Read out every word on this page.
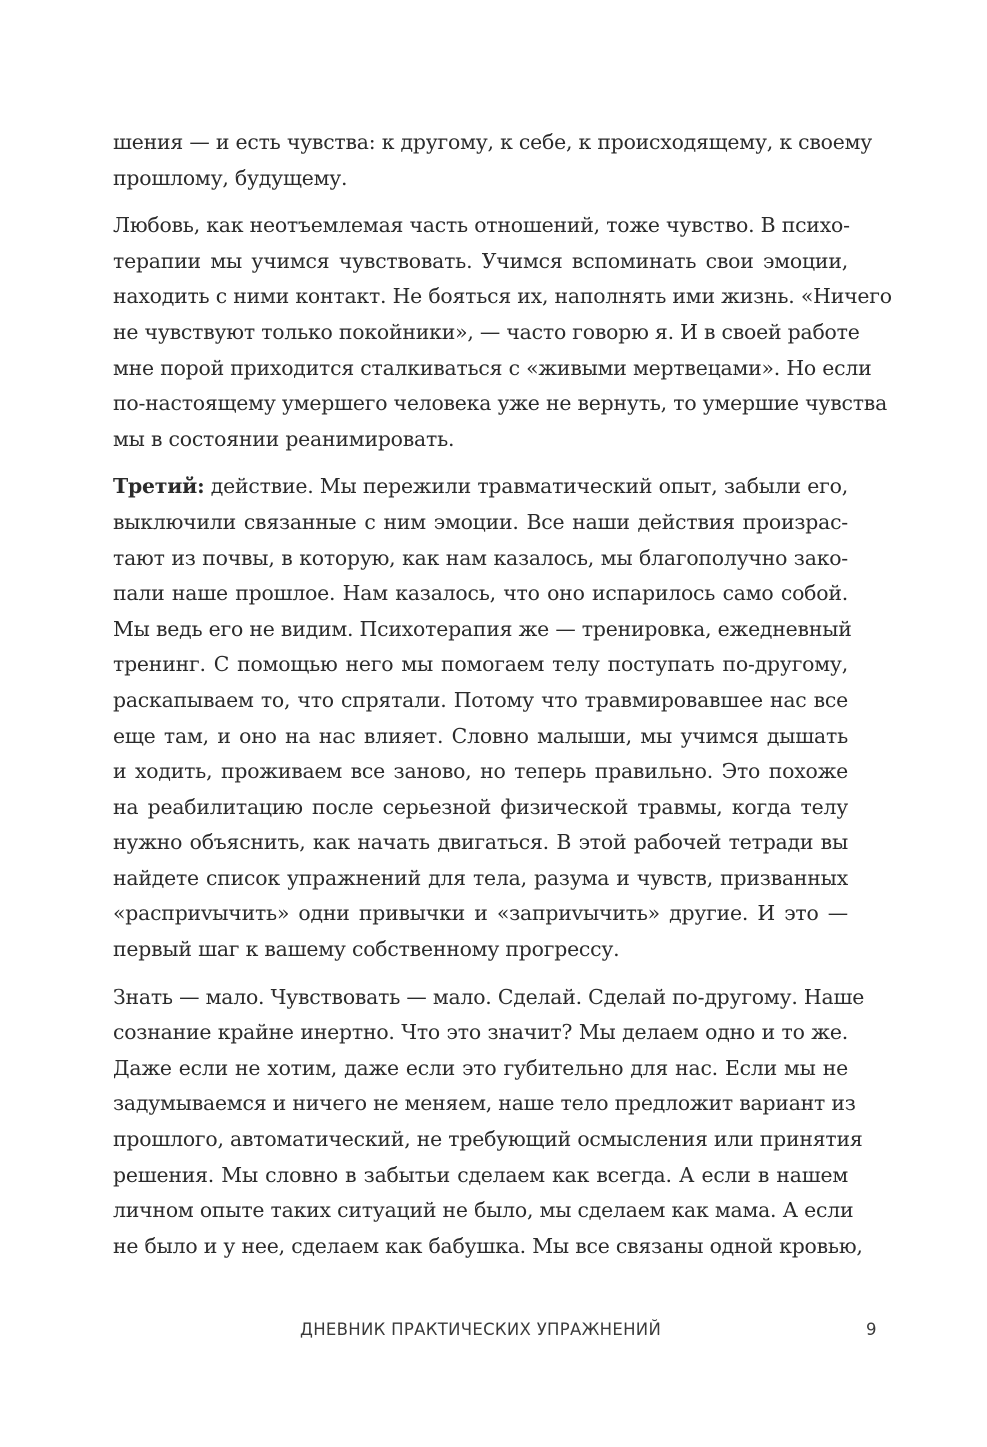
шения — и есть чувства: к другому, к себе, к происходящему, к своему
прошлому, будущему.
Любовь, как неотъемлемая часть отношений, тоже чувство. В психо-
терапии мы учимся чувствовать. Учимся вспоминать свои эмоции,
находить с ними контакт. Не бояться их, наполнять ими жизнь. «Ничего
не чувствуют только покойники», — часто говорю я. И в своей работе
мне порой приходится сталкиваться с «живыми мертвецами». Но если
по-настоящему умершего человека уже не вернуть, то умершие чувства
мы в состоянии реанимировать.
Третий: действие. Мы пережили травматический опыт, забыли его,
выключили связанные с ним эмоции. Все наши действия произрас-
тают из почвы, в которую, как нам казалось, мы благополучно зако-
пали наше прошлое. Нам казалось, что оно испарилось само собой.
Мы ведь его не видим. Психотерапия же — тренировка, ежедневный
тренинг. С помощью него мы помогаем телу поступать по-другому,
раскапываем то, что спрятали. Потому что травмировавшее нас все
еще там, и оно на нас влияет. Словно малыши, мы учимся дышать
и ходить, проживаем все заново, но теперь правильно. Это похоже
на реабилитацию после серьезной физической травмы, когда телу
нужно объяснить, как начать двигаться. В этой рабочей тетради вы
найдете список упражнений для тела, разума и чувств, призванных
«расприvычить» одни привычки и «заприvычить» другие. И это —
первый шаг к вашему собственному прогрессу.
Знать — мало. Чувствовать — мало. Сделай. Сделай по-другому. Наше
сознание крайне инертно. Что это значит? Мы делаем одно и то же.
Даже если не хотим, даже если это губительно для нас. Если мы не
задумываемся и ничего не меняем, наше тело предложит вариант из
прошлого, автоматический, не требующий осмысления или принятия
решения. Мы словно в забытьи сделаем как всегда. А если в нашем
личном опыте таких ситуаций не было, мы сделаем как мама. А если
не было и у нее, сделаем как бабушка. Мы все связаны одной кровью,
ДНЕВНИК ПРАКТИЧЕСКИХ УПРАЖНЕНИЙ	9
